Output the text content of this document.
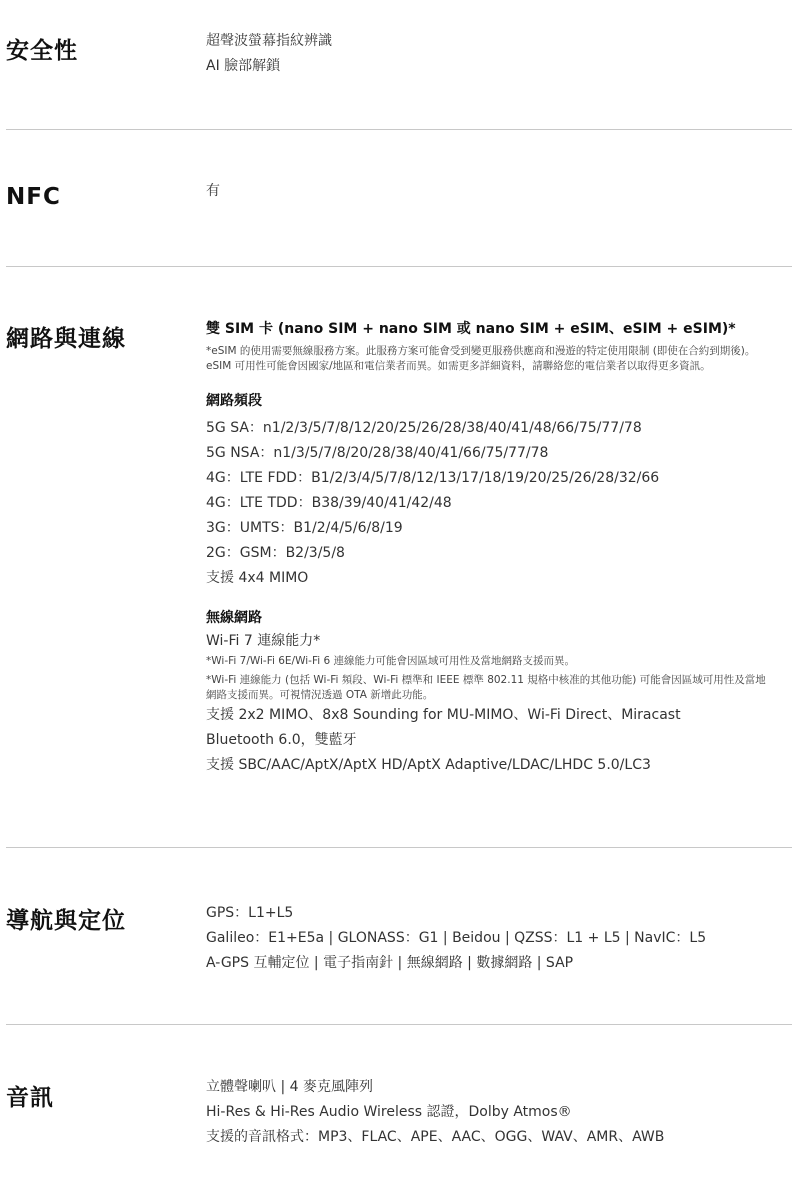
安全性	超聲波螢幕指紋辨識
AI 臉部解鎖
NFC	有
網路與連線	雙 SIM 卡 (nano SIM + nano SIM 或 nano SIM + eSIM、eSIM + eSIM)*
*eSIM 的使用需要無線服務方案。此服務方案可能會受到變更服務供應商和漫遊的特定使用限制 (即使在合約到期後)。eSIM 可用性可能會因國家/地區和電信業者而異。如需更多詳細資料，請聯絡您的電信業者以取得更多資訊。
網路頻段
5G SA：n1/2/3/5/7/8/12/20/25/26/28/38/40/41/48/66/75/77/78
5G NSA：n1/3/5/7/8/20/28/38/40/41/66/75/77/78
4G：LTE FDD：B1/2/3/4/5/7/8/12/13/17/18/19/20/25/26/28/32/66
4G：LTE TDD：B38/39/40/41/42/48
3G：UMTS：B1/2/4/5/6/8/19
2G：GSM：B2/3/5/8
支援 4x4 MIMO
無線網路
Wi-Fi 7 連線能力*
*Wi-Fi 7/Wi-Fi 6E/Wi-Fi 6 連線能力可能會因區域可用性及當地網路支援而異。
*Wi-Fi 連線能力 (包括 Wi-Fi 頻段、Wi-Fi 標準和 IEEE 標準 802.11 規格中核准的其他功能) 可能會因區域可用性及當地網路支援而異。可視情況透過 OTA 新增此功能。
支援 2x2 MIMO、8x8 Sounding for MU-MIMO、Wi-Fi Direct、Miracast
Bluetooth 6.0，雙藍牙
支援 SBC/AAC/AptX/AptX HD/AptX Adaptive/LDAC/LHDC 5.0/LC3
導航與定位	GPS：L1+L5
Galileo：E1+E5a | GLONASS：G1 | Beidou | QZSS：L1 + L5 | NavIC：L5
A-GPS 互輔定位 | 電子指南針 | 無線網路 | 數據網路 | SAP
音訊	立體聲喇叭 | 4 麥克風陣列
Hi-Res & Hi-Res Audio Wireless 認證，Dolby Atmos®
支援的音訊格式：MP3、FLAC、APE、AAC、OGG、WAV、AMR、AWB
